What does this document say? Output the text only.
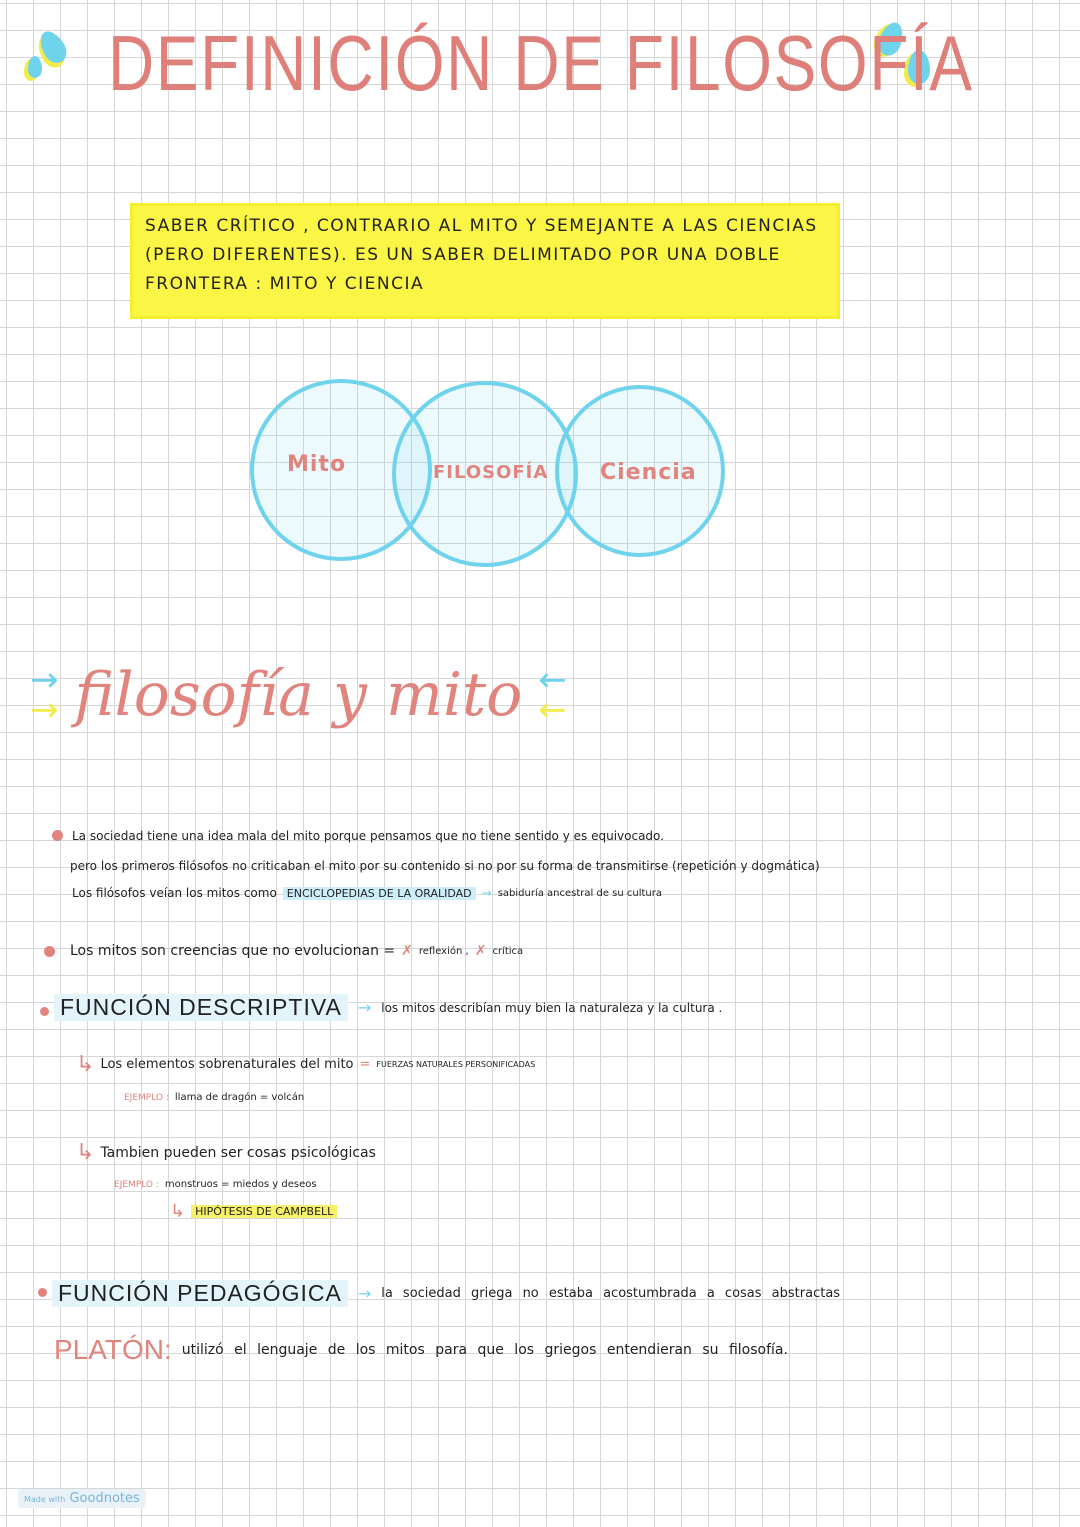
DEFINICIÓN DE FILOSOFÍA
SABER CRÍTICO , CONTRARIO AL MITO Y SEMEJANTE A LAS CIENCIAS (PERO DIFERENTES). ES UN SABER DELIMITADO POR UNA DOBLE FRONTERA : MITO Y CIENCIA
Mito	FILOSOFÍA Ciencia
→
→ filosofía y mito ←
←
La sociedad tiene una idea mala del mito porque pensamos que no tiene sentido y es equivocado.
pero los primeros filósofos no criticaban el mito por su contenido si no por su forma de transmitirse (repetición y dogmática)
Los filósofos veían los mitos como ENCICLOPEDIAS DE LA ORALIDAD → sabiduría ancestral de su cultura
Los mitos son creencias que no evolucionan = ✗ reflexión , ✗ crítica
FUNCIÓN DESCRIPTIVA	→ los mitos describían muy bien la naturaleza y la cultura .
↳ Los elementos sobrenaturales del mito = FUERZAS NATURALES PERSONIFICADAS
EJEMPLO : llama de dragón = volcán
↳ Tambien pueden ser cosas psicológicas
EJEMPLO : monstruos = miedos y deseos
↳ HIPÓTESIS DE CAMPBELL
FUNCIÓN PEDAGÓGICA	→ la sociedad griega no estaba acostumbrada a cosas abstractas
PLATÓN: utilizó el lenguaje de los mitos para que los griegos entendieran su filosofía.
Made with Goodnotes
